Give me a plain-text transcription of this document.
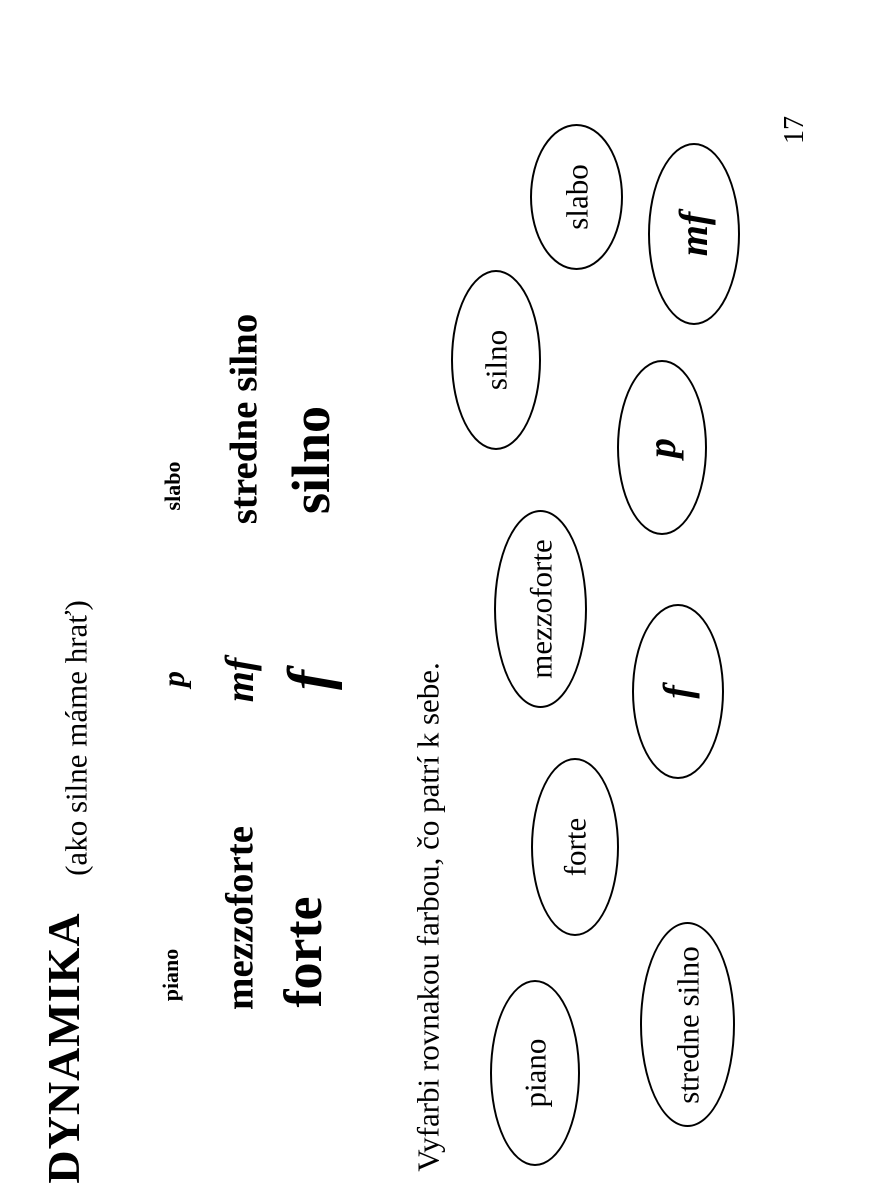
DYNAMIKA
(ako silne máme hrať)
piano
p
slabo
mezzoforte
mf
stredne silno
forte
f
silno
Vyfarbi rovnakou farbou, čo patrí k sebe. piano	stredne silno
forte
f
mezzoforte
p
silno
mf
slabo
17
